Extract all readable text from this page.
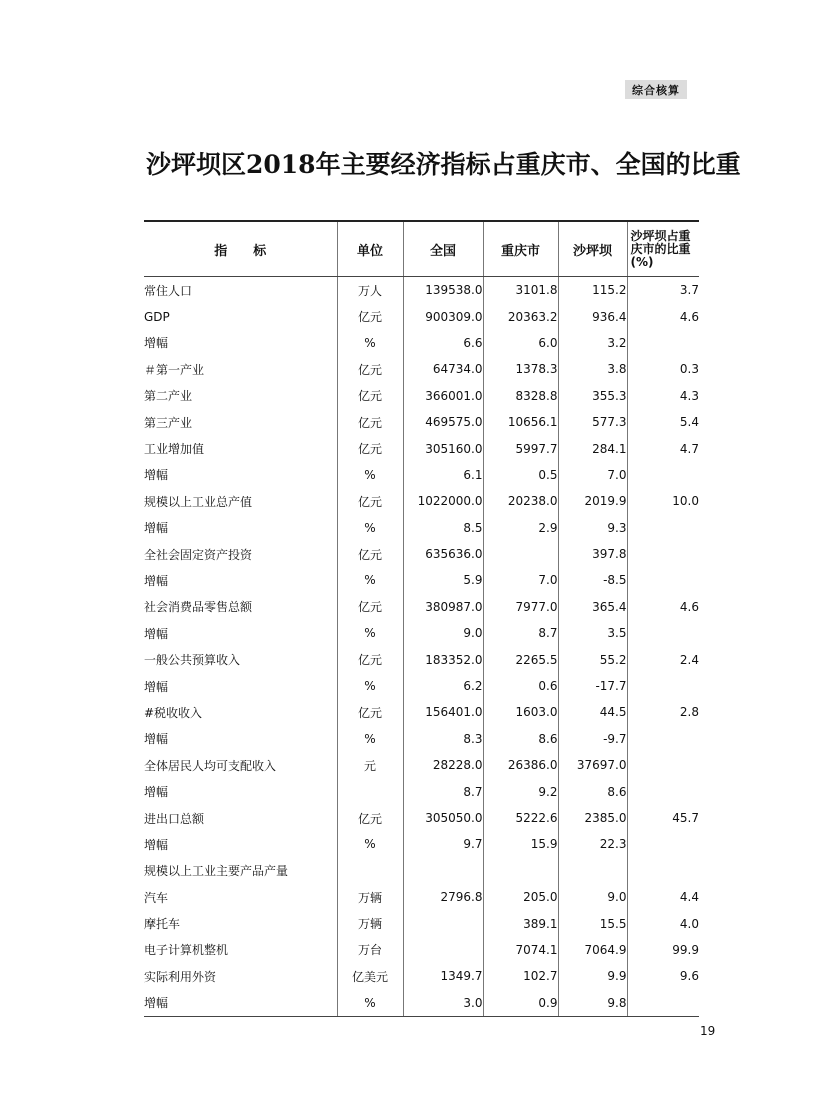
综合核算
沙坪坝区2018年主要经济指标占重庆市、全国的比重
指　　标	单位	全国	重庆市	沙坪坝	沙坪坝占重庆市的比重(%)
常住人口	万人	139538.0	3101.8	115.2	3.7
GDP	亿元	900309.0	20363.2	936.4	4.6
增幅	%	6.6	6.0	3.2	
＃第一产业	亿元	64734.0	1378.3	3.8	0.3
第二产业	亿元	366001.0	8328.8	355.3	4.3
第三产业	亿元	469575.0	10656.1	577.3	5.4
工业增加值	亿元	305160.0	5997.7	284.1	4.7
增幅	%	6.1	0.5	7.0	
规模以上工业总产值	亿元	1022000.0	20238.0	2019.9	10.0
增幅	%	8.5	2.9	9.3	
全社会固定资产投资	亿元	635636.0		397.8	
增幅	%	5.9	7.0	-8.5	
社会消费品零售总额	亿元	380987.0	7977.0	365.4	4.6
增幅	%	9.0	8.7	3.5	
一般公共预算收入	亿元	183352.0	2265.5	55.2	2.4
增幅	%	6.2	0.6	-17.7	
#税收收入	亿元	156401.0	1603.0	44.5	2.8
增幅	%	8.3	8.6	-9.7	
全体居民人均可支配收入	元	28228.0	26386.0	37697.0	
增幅		8.7	9.2	8.6	
进出口总额	亿元	305050.0	5222.6	2385.0	45.7
增幅	%	9.7	15.9	22.3	
规模以上工业主要产品产量					
汽车	万辆	2796.8	205.0	9.0	4.4
摩托车	万辆		389.1	15.5	4.0
电子计算机整机	万台		7074.1	7064.9	99.9
实际利用外资	亿美元	1349.7	102.7	9.9	9.6
增幅	%	3.0	0.9	9.8	
19
